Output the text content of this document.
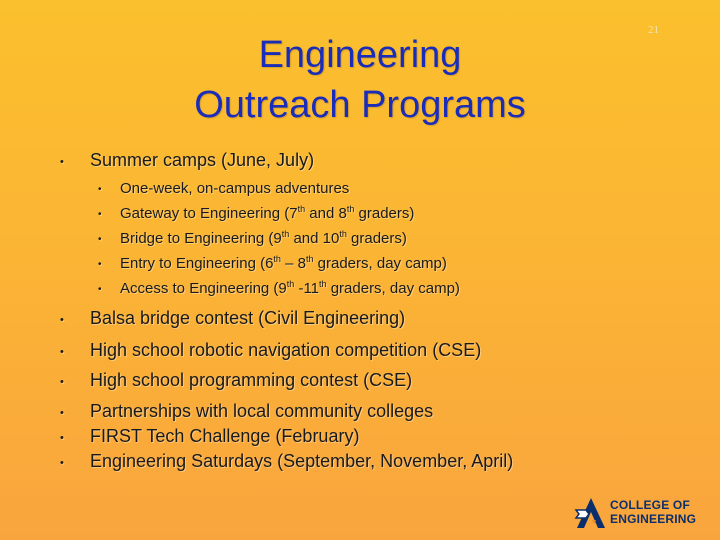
21
Engineering
Outreach Programs
• Summer camps (June, July)
• One-week, on-campus adventures
• Gateway to Engineering (7th and 8th graders)
• Bridge to Engineering (9th and 10th graders)
• Entry to Engineering (6th – 8th graders, day camp)
• Access to Engineering (9th -11th graders, day camp)
• Balsa bridge contest (Civil Engineering)
• High school robotic navigation competition (CSE)
• High school programming contest (CSE)
• Partnerships with local community colleges
• FIRST Tech Challenge (February)
• Engineering Saturdays (September, November, April)
COLLEGE OF
ENGINEERING
